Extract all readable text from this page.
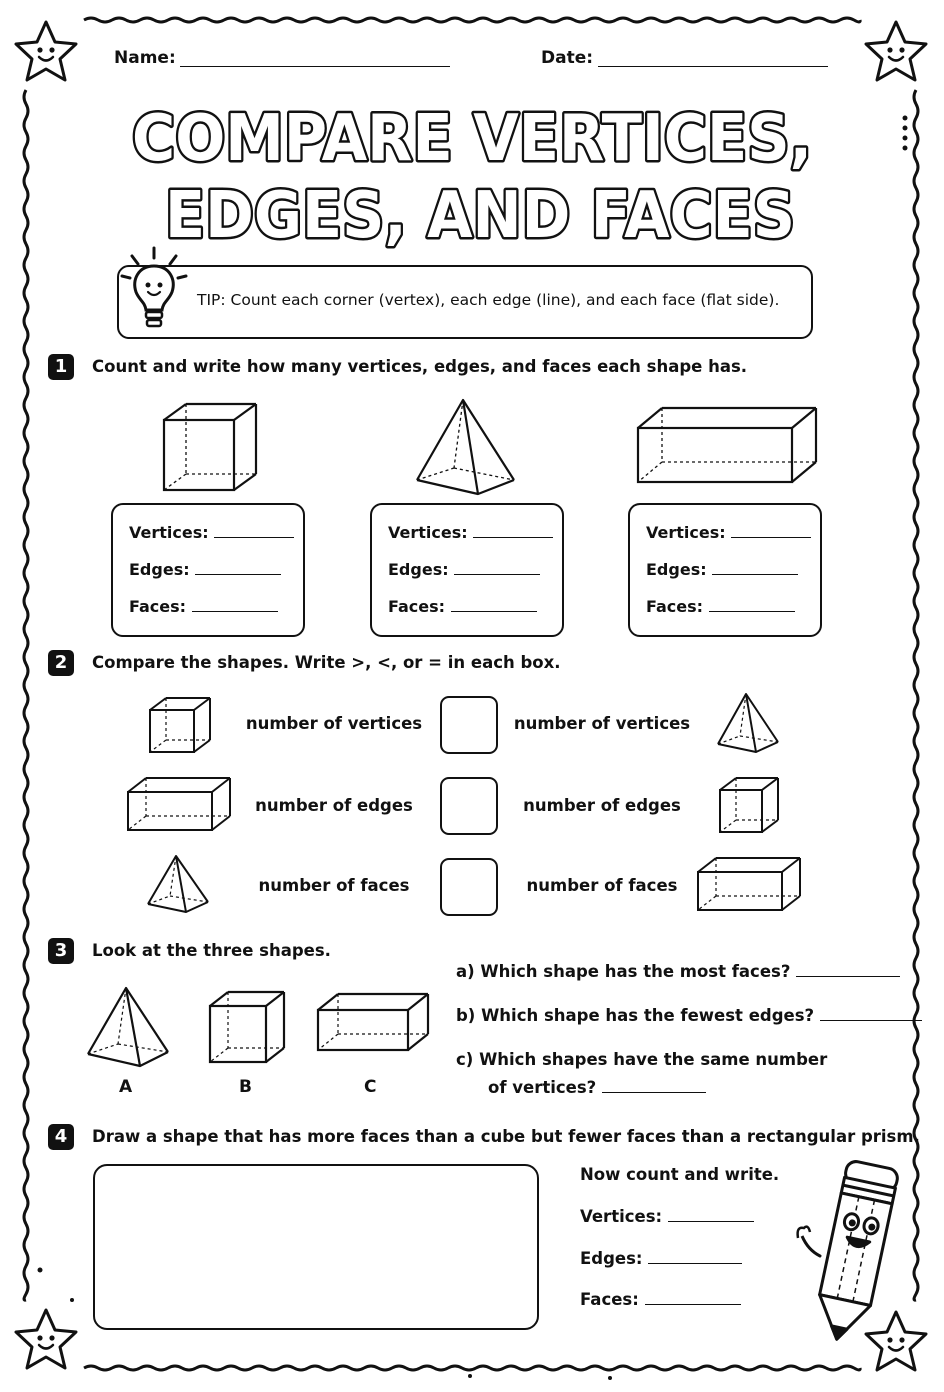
Name:	Date:
COMPARE VERTICES,
EDGES, AND FACES
TIP: Count each corner (vertex), each edge (line), and each face (flat side).
1	Count and write how many vertices, edges, and faces each shape has.
Vertices:
Edges:
Faces:
Vertices:
Edges:
Faces:
Vertices:
Edges:
Faces:
2	Compare the shapes. Write >, <, or = in each box.
number of vertices	number of vertices
number of edges	number of edges
number of faces	number of faces
3	Look at the three shapes.
A	B	C
a) Which shape has the most faces?
b) Which shape has the fewest edges?
c) Which shapes have the same number
of vertices?
4	Draw a shape that has more faces than a cube but fewer faces than a rectangular prism.
Now count and write.
Vertices:
Edges:
Faces:
